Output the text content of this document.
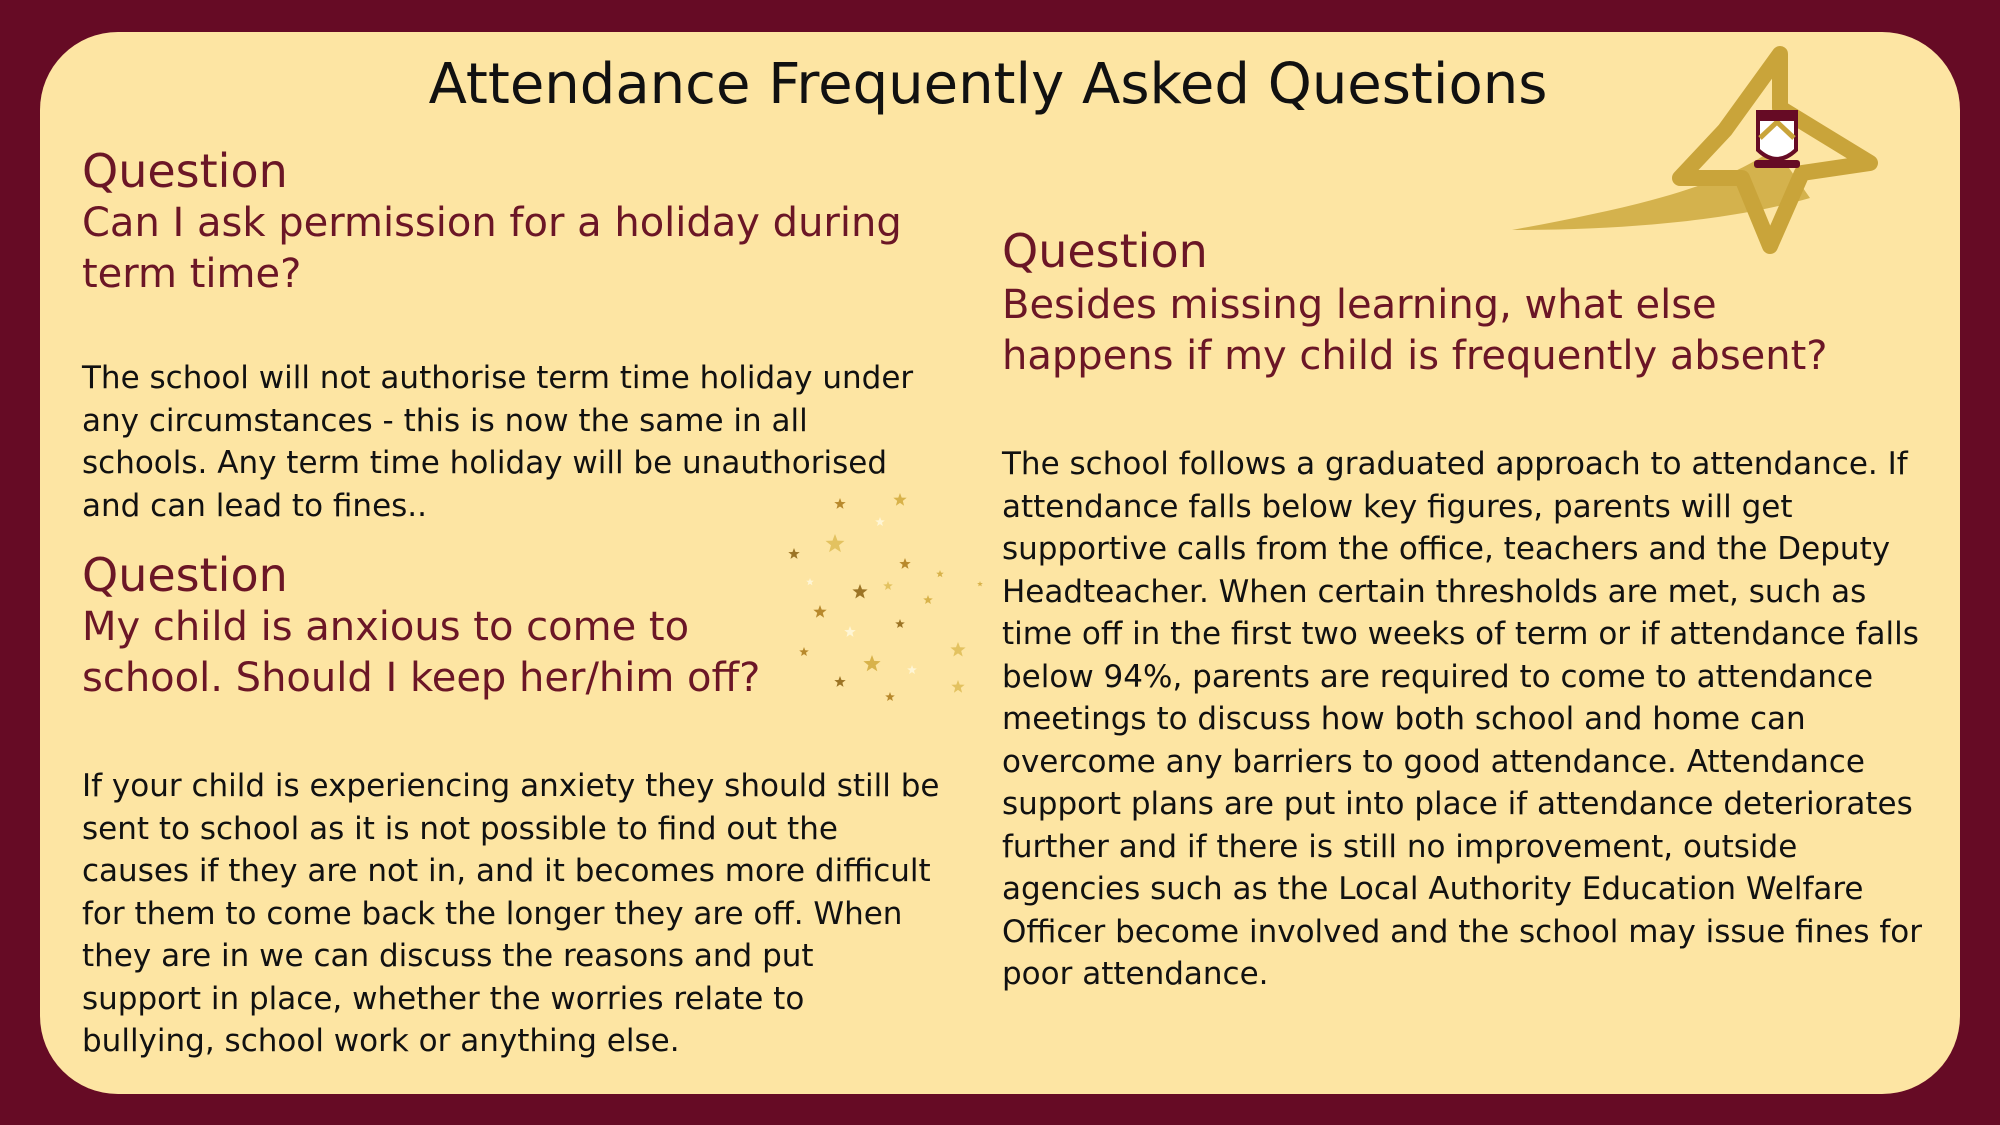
Attendance Frequently Asked Questions
Question
Can I ask permission for a holiday during term time?
The school will not authorise term time holiday under any circumstances - this is now the same in all schools. Any term time holiday will be unauthorised and can lead to fines..
Question
My child is anxious to come to school. Should I keep her/him off?
If your child is experiencing anxiety they should still be sent to school as it is not possible to find out the causes if they are not in, and it becomes more difficult for them to come back the longer they are off. When they are in we can discuss the reasons and put support in place, whether the worries relate to bullying, school work or anything else.
Question
Besides missing learning, what else happens if my child is frequently absent?
The school follows a graduated approach to attendance. If attendance falls below key figures, parents will get supportive calls from the office, teachers and the Deputy Headteacher. When certain thresholds are met, such as time off in the first two weeks of term or if attendance falls below 94%, parents are required to come to attendance meetings to discuss how both school and home can overcome any barriers to good attendance. Attendance support plans are put into place if attendance deteriorates further and if there is still no improvement, outside agencies such as the Local Authority Education Welfare Officer become involved and the school may issue fines for poor attendance.
